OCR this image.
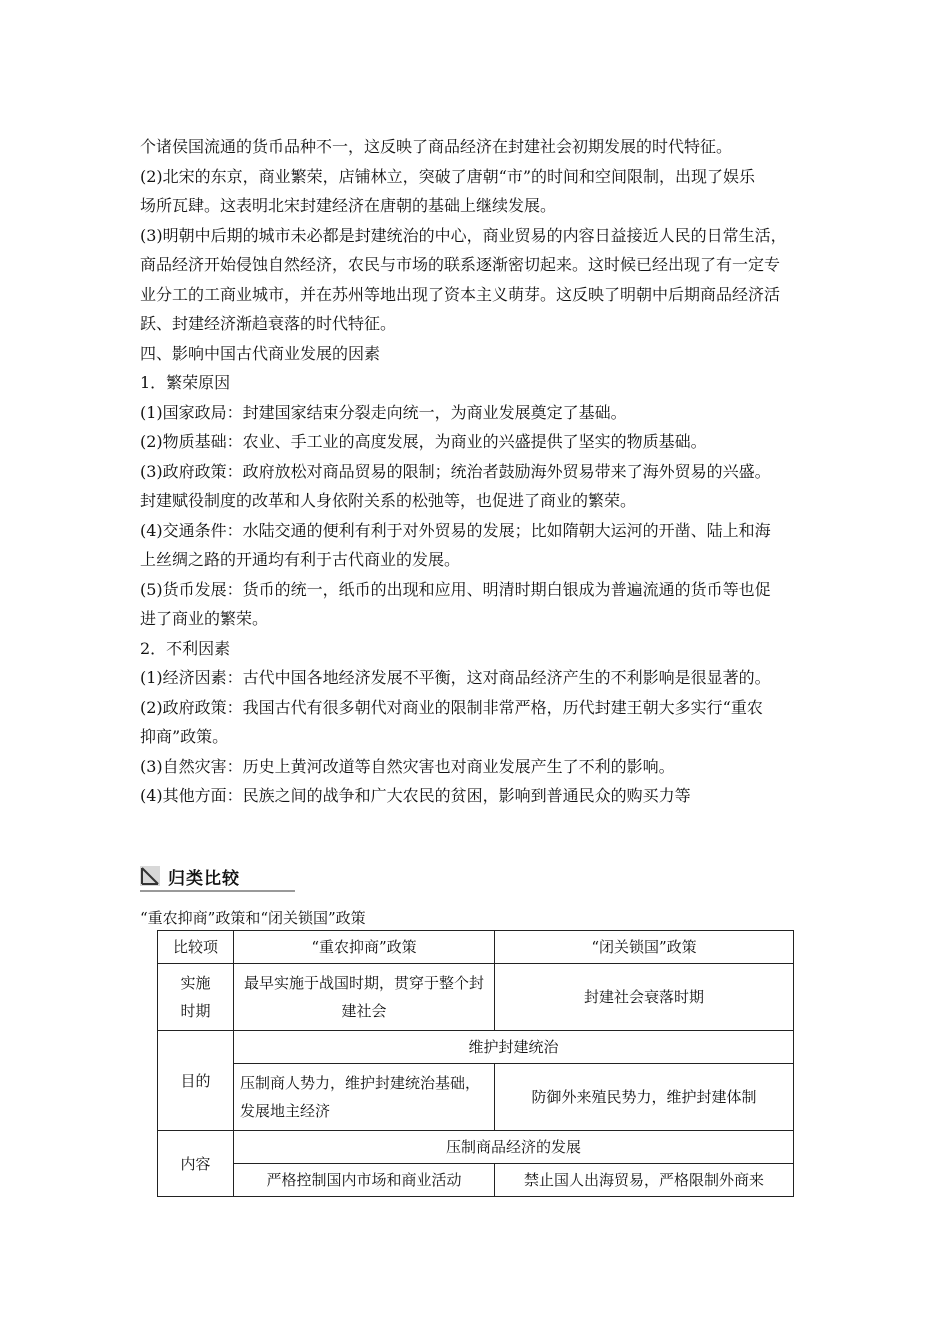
个诸侯国流通的货币品种不一，这反映了商品经济在封建社会初期发展的时代特征。
(2)北宋的东京，商业繁荣，店铺林立，突破了唐朝“市”的时间和空间限制，出现了娱乐
场所瓦肆。这表明北宋封建经济在唐朝的基础上继续发展。
(3)明朝中后期的城市未必都是封建统治的中心，商业贸易的内容日益接近人民的日常生活，
商品经济开始侵蚀自然经济，农民与市场的联系逐渐密切起来。这时候已经出现了有一定专
业分工的工商业城市，并在苏州等地出现了资本主义萌芽。这反映了明朝中后期商品经济活
跃、封建经济渐趋衰落的时代特征。
四、影响中国古代商业发展的因素
1．繁荣原因
(1)国家政局：封建国家结束分裂走向统一，为商业发展奠定了基础。
(2)物质基础：农业、手工业的高度发展，为商业的兴盛提供了坚实的物质基础。
(3)政府政策：政府放松对商品贸易的限制；统治者鼓励海外贸易带来了海外贸易的兴盛。
封建赋役制度的改革和人身依附关系的松弛等，也促进了商业的繁荣。
(4)交通条件：水陆交通的便利有利于对外贸易的发展；比如隋朝大运河的开凿、陆上和海
上丝绸之路的开通均有利于古代商业的发展。
(5)货币发展：货币的统一，纸币的出现和应用、明清时期白银成为普遍流通的货币等也促
进了商业的繁荣。
2．不利因素
(1)经济因素：古代中国各地经济发展不平衡，这对商品经济产生的不利影响是很显著的。
(2)政府政策：我国古代有很多朝代对商业的限制非常严格，历代封建王朝大多实行“重农
抑商”政策。
(3)自然灾害：历史上黄河改道等自然灾害也对商业发展产生了不利的影响。
(4)其他方面：民族之间的战争和广大农民的贫困，影响到普通民众的购买力等
归类比较
“重农抑商”政策和“闭关锁国”政策
比较项	“重农抑商”政策	“闭关锁国”政策
实施
时期	最早实施于战国时期，贯穿于整个封建社会	封建社会衰落时期
目的	维护封建统治	
	压制商人势力，维护封建统治基础，发展地主经济	防御外来殖民势力，维护封建体制
内容	压制商品经济的发展	
	严格控制国内市场和商业活动	禁止国人出海贸易，严格限制外商来
